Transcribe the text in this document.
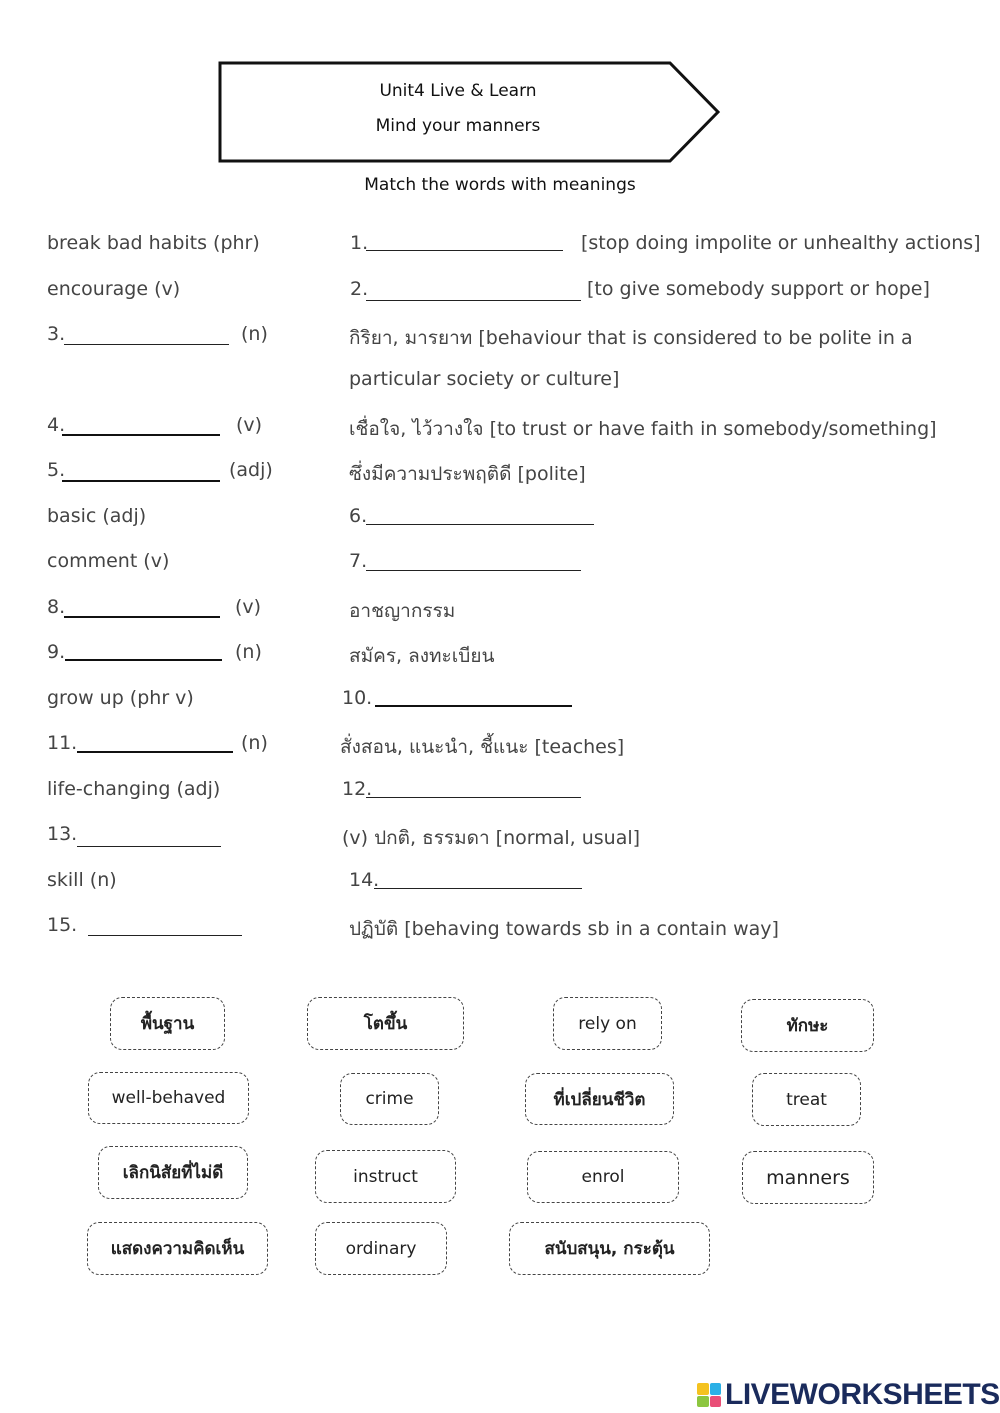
Unit4 Live & Learn
Mind your manners
Match the words with meanings
break bad habits (phr)	1.	[stop doing impolite or unhealthy actions]
encourage (v)	2.	[to give somebody support or hope]
3.	(n)	กิริยา, มารยาท [behaviour that is considered to be polite in a
particular society or culture]
4.	(v)	เชื่อใจ, ไว้วางใจ [to trust or have faith in somebody/something]
5.	(adj)	ซึ่งมีความประพฤติดี [polite]
basic (adj)	6.
comment (v)	7.
8.	(v)	อาชญากรรม
9.	(n)	สมัคร, ลงทะเบียน
grow up (phr v)	10.
11.	(n)	สั่งสอน, แนะนำ, ชี้แนะ [teaches]
life-changing (adj)	12.
13.	(v) ปกติ, ธรรมดา [normal, usual]
skill (n)	14.
15.	ปฏิบัติ [behaving towards sb in a contain way]
พื้นฐาน	โตขึ้น	rely on	ทักษะ
well-behaved	crime	ที่เปลี่ยนชีวิต	treat
เลิกนิสัยที่ไม่ดี	instruct	enrol	manners
แสดงความคิดเห็น	ordinary	สนับสนุน, กระตุ้น
LIVEWORKSHEETS
